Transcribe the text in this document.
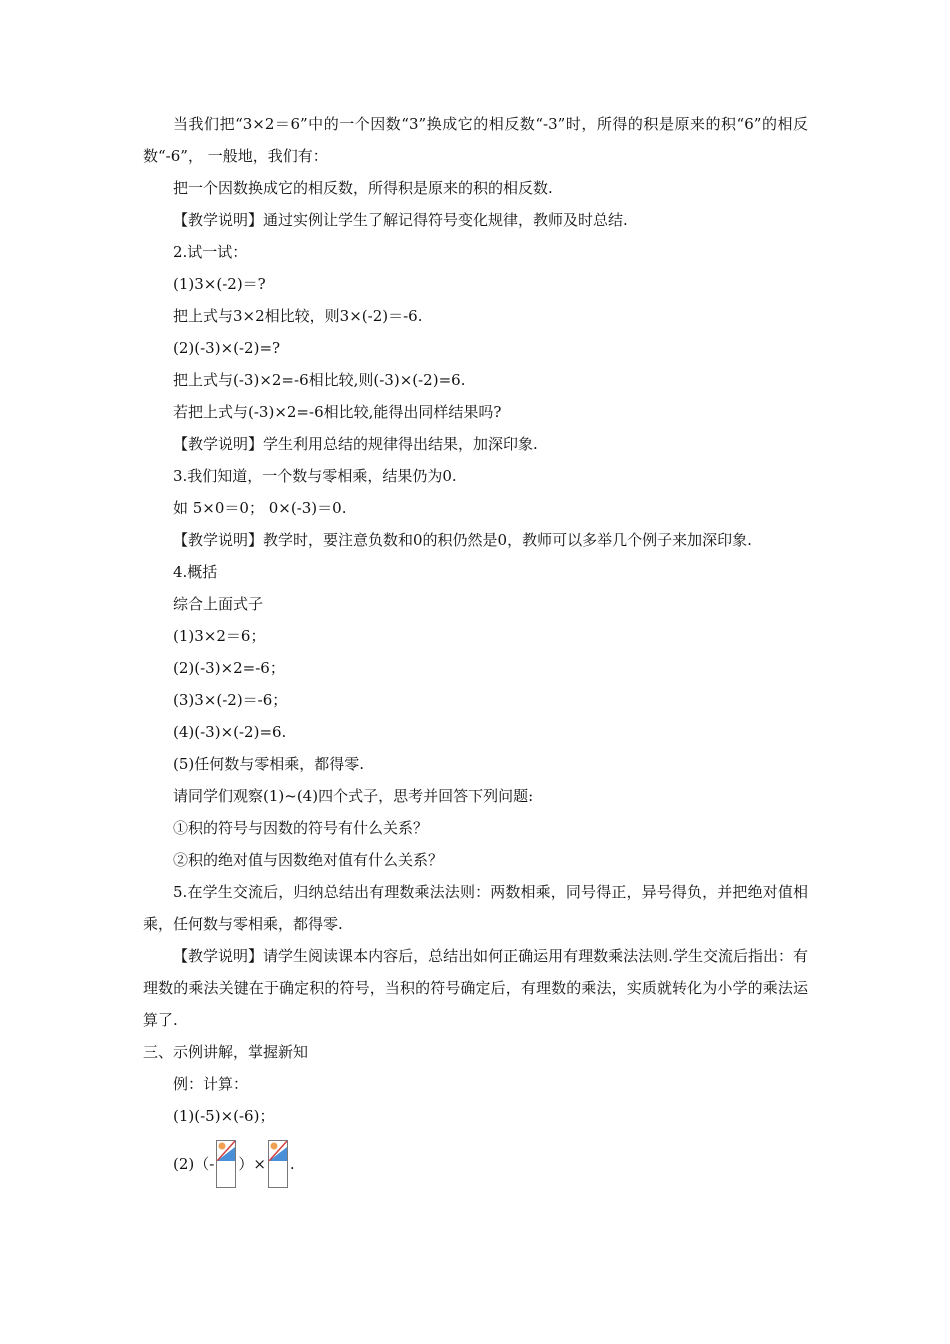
当我们把“3×2＝6”中的一个因数“3”换成它的相反数“-3”时，所得的积是原来的积“6”的相反数“-6”， 一般地，我们有：

把一个因数换成它的相反数，所得积是原来的积的相反数.

【教学说明】通过实例让学生了解记得符号变化规律，教师及时总结.

2.试一试：

(1)3×(-2)＝?

把上式与3×2相比较，则3×(-2)＝-6.

(2)(-3)×(-2)=?

把上式与(-3)×2=-6相比较,则(-3)×(-2)=6.

若把上式与(-3)×2=-6相比较,能得出同样结果吗?

【教学说明】学生利用总结的规律得出结果，加深印象.

3.我们知道，一个数与零相乘，结果仍为0.

如 5×0＝0； 0×(-3)＝0.

【教学说明】教学时，要注意负数和0的积仍然是0，教师可以多举几个例子来加深印象.

4.概括

综合上面式子

(1)3×2＝6；

(2)(-3)×2=-6；

(3)3×(-2)＝-6；

(4)(-3)×(-2)=6.

(5)任何数与零相乘，都得零.

请同学们观察(1)~(4)四个式子，思考并回答下列问题:

①积的符号与因数的符号有什么关系？

②积的绝对值与因数绝对值有什么关系？

5.在学生交流后，归纳总结出有理数乘法法则：两数相乘，同号得正，异号得负，并把绝对值相乘，任何数与零相乘，都得零.

【教学说明】请学生阅读课本内容后，总结出如何正确运用有理数乘法法则.学生交流后指出：有理数的乘法关键在于确定积的符号，当积的符号确定后，有理数的乘法，实质就转化为小学的乘法运算了.

三、示例讲解，掌握新知

例：计算：

(1)(-5)×(-6)；

(2)（- ）× .
